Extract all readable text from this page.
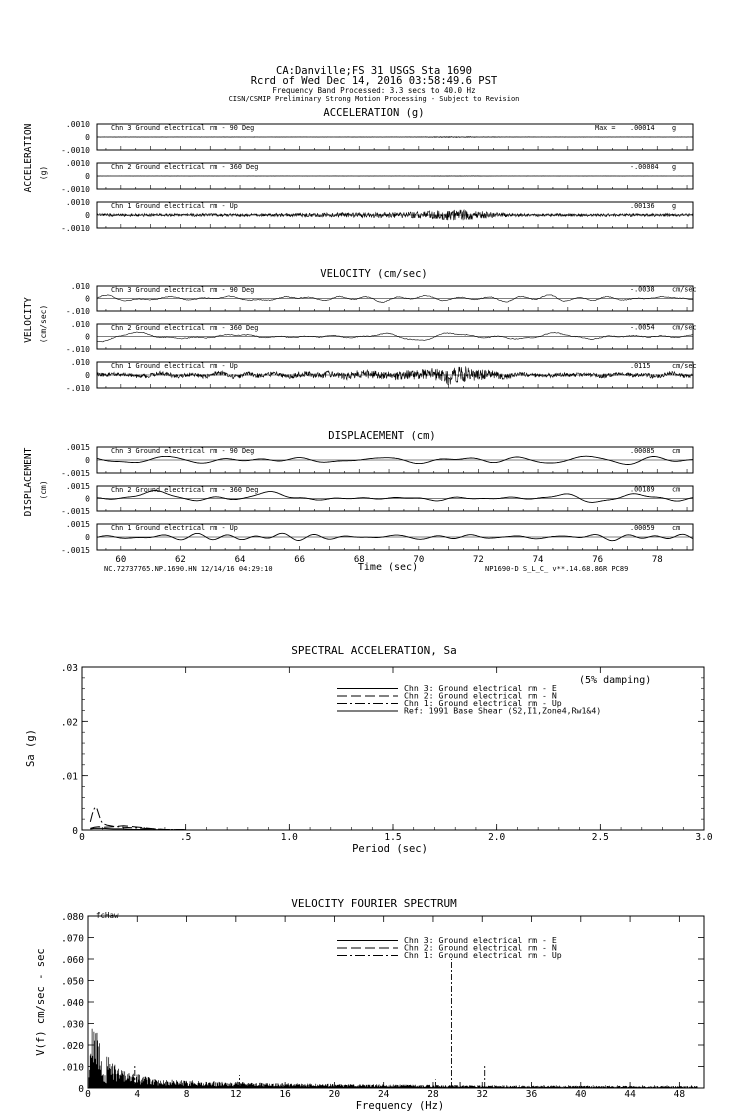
CA:Danville;FS 31 USGS Sta 1690
Rcrd of Wed Dec 14, 2016 03:58:49.6 PST
Frequency Band Processed: 3.3 secs to 40.0 Hz
CISN/CSMIP Preliminary Strong Motion Processing - Subject to Revision
ACCELERATION (g)
VELOCITY (cm/sec)
DISPLACEMENT (cm)
ACCELERATION (g)
VELOCITY (cm/sec)
DISPLACEMENT (cm)
Time (sec)
NC.72737765.NP.1690.HN 12/14/16 04:29:10	NP1690-D S_L_C_ v**.14.68.86R PC89
SPECTRAL ACCELERATION, Sa
(5% damping)
Period (sec)
Sa (g)
VELOCITY FOURIER SPECTRUM
fcHaw
Frequency (Hz)
V(f) cm/sec - sec
.0010
0
-.0010
Chn 3 Ground electrical rm - 90 Deg	Max = .00014	g
.0010
0
-.0010
Chn 2 Ground electrical rm - 360 Deg	-.00004 g
.0010
0
-.0010
Chn 1 Ground electrical rm - Up	.00136	g
.010
0
-.010
Chn 3 Ground electrical rm - 90 Deg	-.0038	cm/sec
.010
0
-.010
Chn 2 Ground electrical rm - 360 Deg	-.0054	cm/sec
.010
0
-.010
Chn 1 Ground electrical rm - Up	.0115	cm/sec
.0015
0
-.0015
Chn 3 Ground electrical rm - 90 Deg	.00085	cm
.0015
0
-.0015
Chn 2 Ground electrical rm - 360 Deg	.00189	cm
.0015
0
-.0015
Chn 1 Ground electrical rm - Up	.00059	cm
60	62	64	66	68	70	72	74	76	78
0	.5	1.0	1.5	2.0	2.5	3.0
0
.01
.02
.03
Chn 3: Ground electrical rm - E
Chn 2: Ground electrical rm - N
Chn 1: Ground electrical rm - Up
Ref: 1991 Base Shear (S2,I1,Zone4,Rw1&4)
0	4	8	12	16	20	24	28	32	36	40	44	48
0
.010
.020
.030
.040
.050
.060
.070
.080
Chn 3: Ground electrical rm - E
Chn 2: Ground electrical rm - N
Chn 1: Ground electrical rm - Up
